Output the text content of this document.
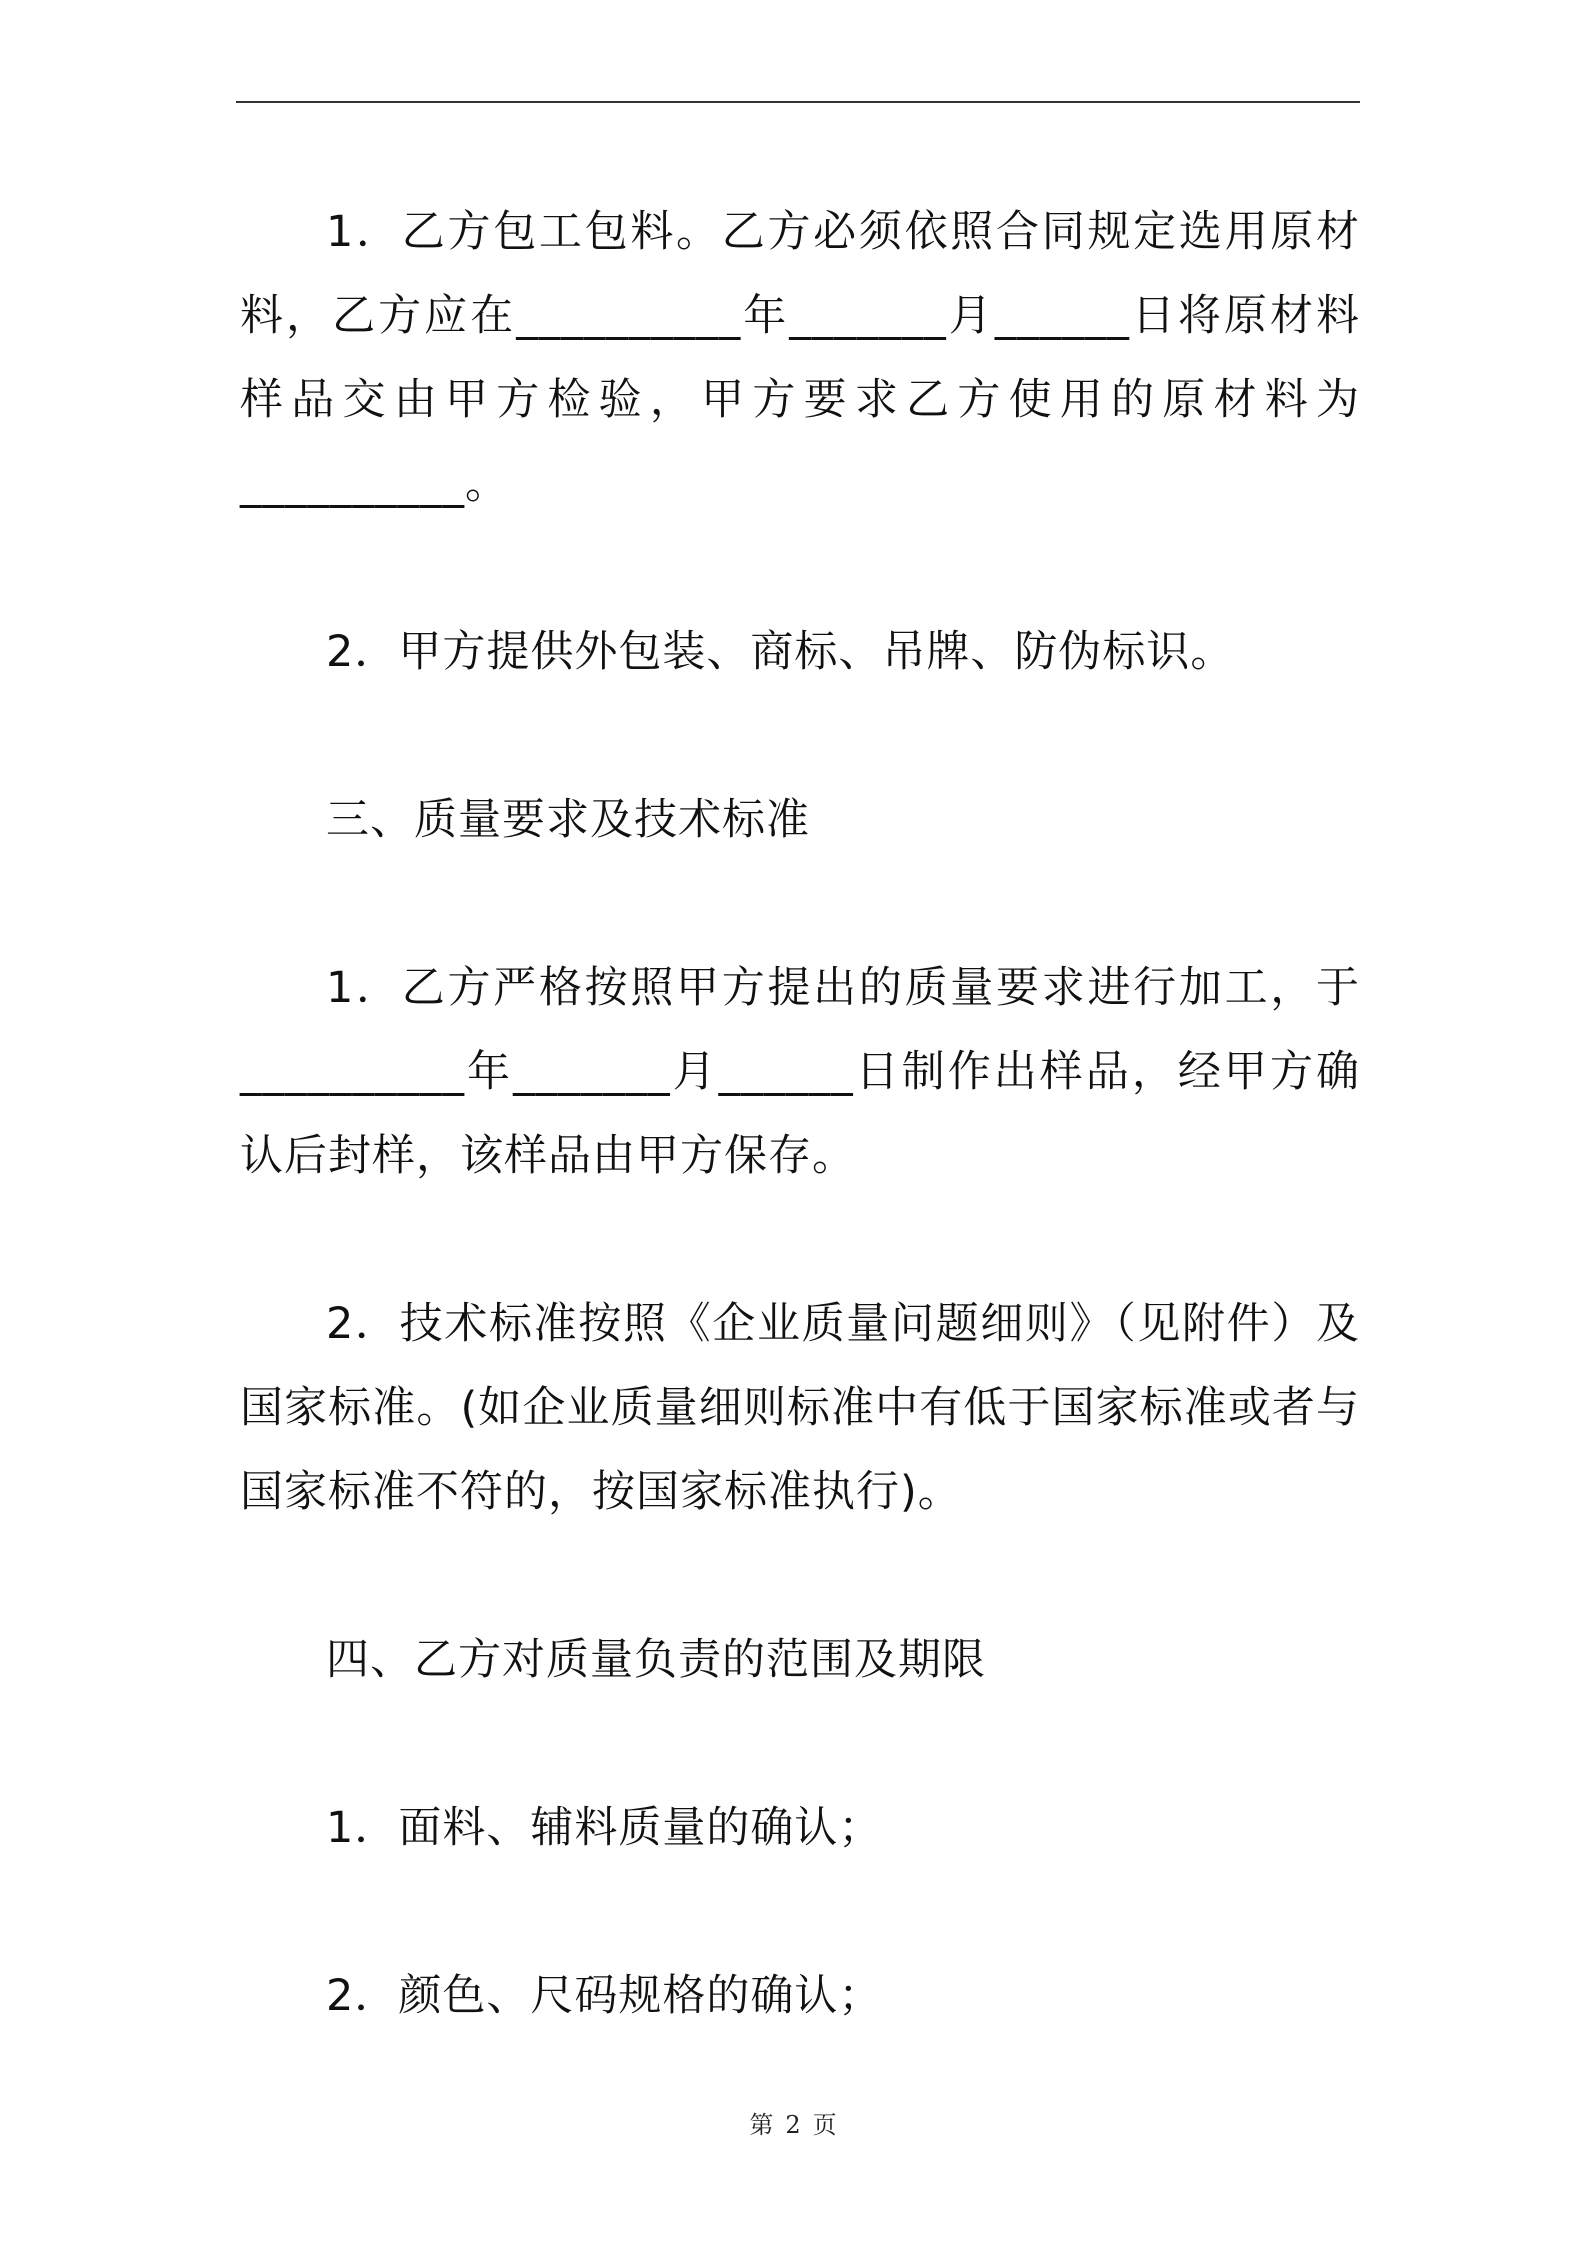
1．乙方包工包料。乙方必须依照合同规定选用原材料，乙方应在__________年_______月______日将原材料样品交由甲方检验，甲方要求乙方使用的原材料为__________。

2．甲方提供外包装、商标、吊牌、防伪标识。

三、质量要求及技术标准

1．乙方严格按照甲方提出的质量要求进行加工，于__________年_______月______日制作出样品，经甲方确认后封样，该样品由甲方保存。

2．技术标准按照《企业质量问题细则》（见附件）及国家标准。(如企业质量细则标准中有低于国家标准或者与国家标准不符的，按国家标准执行)。

四、乙方对质量负责的范围及期限

1．面料、辅料质量的确认；

2．颜色、尺码规格的确认；

第 2 页
